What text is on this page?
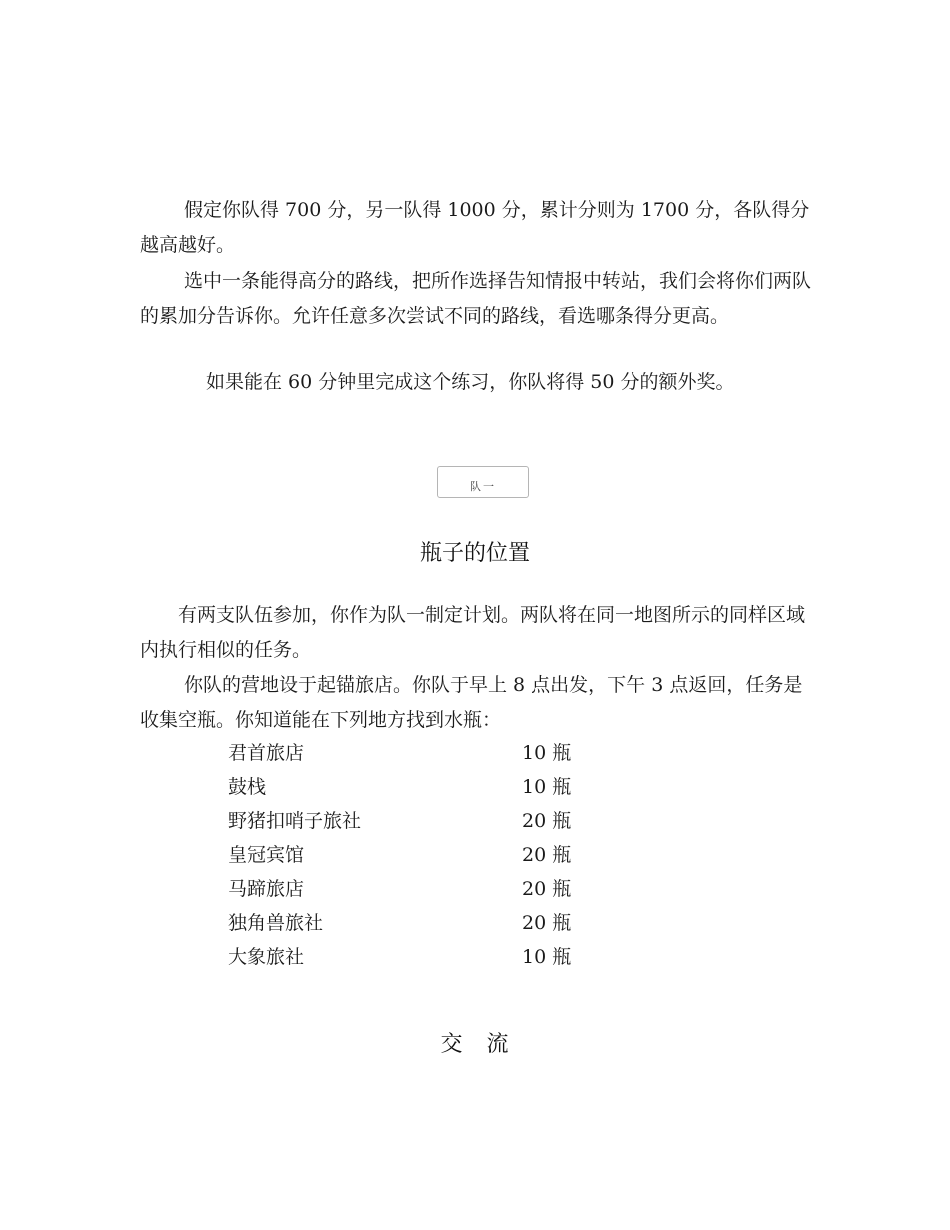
假定你队得 700 分，另一队得 1000 分，累计分则为 1700 分，各队得分越高越好。

选中一条能得高分的路线，把所作选择告知情报中转站，我们会将你们两队的累加分告诉你。允许任意多次尝试不同的路线，看选哪条得分更高。

如果能在 60 分钟里完成这个练习，你队将得 50 分的额外奖。

队一
瓶子的位置

有两支队伍参加，你作为队一制定计划。两队将在同一地图所示的同样区域内执行相似的任务。

你队的营地设于起锚旅店。你队于早上 8 点出发，下午 3 点返回，任务是收集空瓶。你知道能在下列地方找到水瓶：

君首旅店	10 瓶
鼓栈	10 瓶
野猪扣哨子旅社	20 瓶
皇冠宾馆	20 瓶
马蹄旅店	20 瓶
独角兽旅社	20 瓶
大象旅社	10 瓶
交　流
